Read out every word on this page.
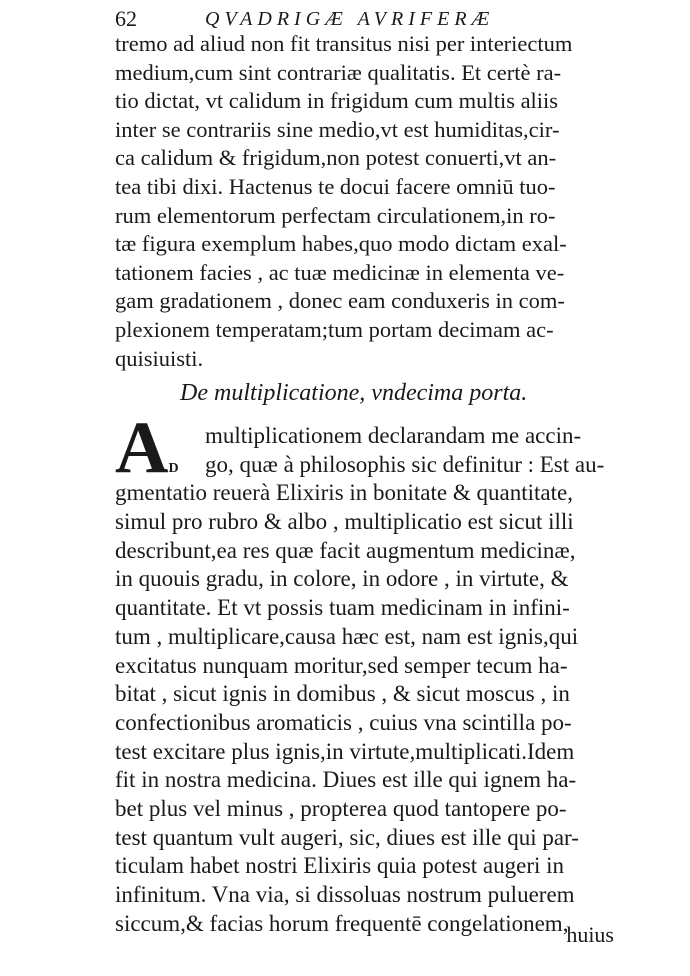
62	QVADRIGÆ AVRIFERÆ
tremo ad aliud non fit transitus nisi per interiectum
medium,cum sint contrariæ qualitatis. Et certè ra-
tio dictat, vt calidum in frigidum cum multis aliis
inter se contrariis sine medio,vt est humiditas,cir-
ca calidum & frigidum,non potest conuerti,vt an-
tea tibi dixi. Hactenus te docui facere omniū tuo-
rum elementorum perfectam circulationem,in ro-
tæ figura exemplum habes,quo modo dictam exal-
tationem facies , ac tuæ medicinæ in elementa ve-
gam gradationem , donec eam conduxeris in com-
plexionem temperatam;tum portam decimam ac-
quisiuisti.
De multiplicatione, vndecima porta.
AD
multiplicationem declarandam me accin-
go, quæ à philosophis sic definitur : Est au-
gmentatio reuerà Elixiris in bonitate & quantitate,
simul pro rubro & albo , multiplicatio est sicut illi
describunt,ea res quæ facit augmentum medicinæ,
in quouis gradu, in colore, in odore , in virtute, &
quantitate. Et vt possis tuam medicinam in infini-
tum , multiplicare,causa hæc est, nam est ignis,qui
excitatus nunquam moritur,sed semper tecum ha-
bitat , sicut ignis in domibus , & sicut moscus , in
confectionibus aromaticis , cuius vna scintilla po-
test excitare plus ignis,in virtute,multiplicati.Idem
fit in nostra medicina. Diues est ille qui ignem ha-
bet plus vel minus , propterea quod tantopere po-
test quantum vult augeri, sic, diues est ille qui par-
ticulam habet nostri Elixiris quia potest augeri in
infinitum. Vna via, si dissoluas nostrum puluerem
siccum,& facias horum frequentē congelationem,
huius
